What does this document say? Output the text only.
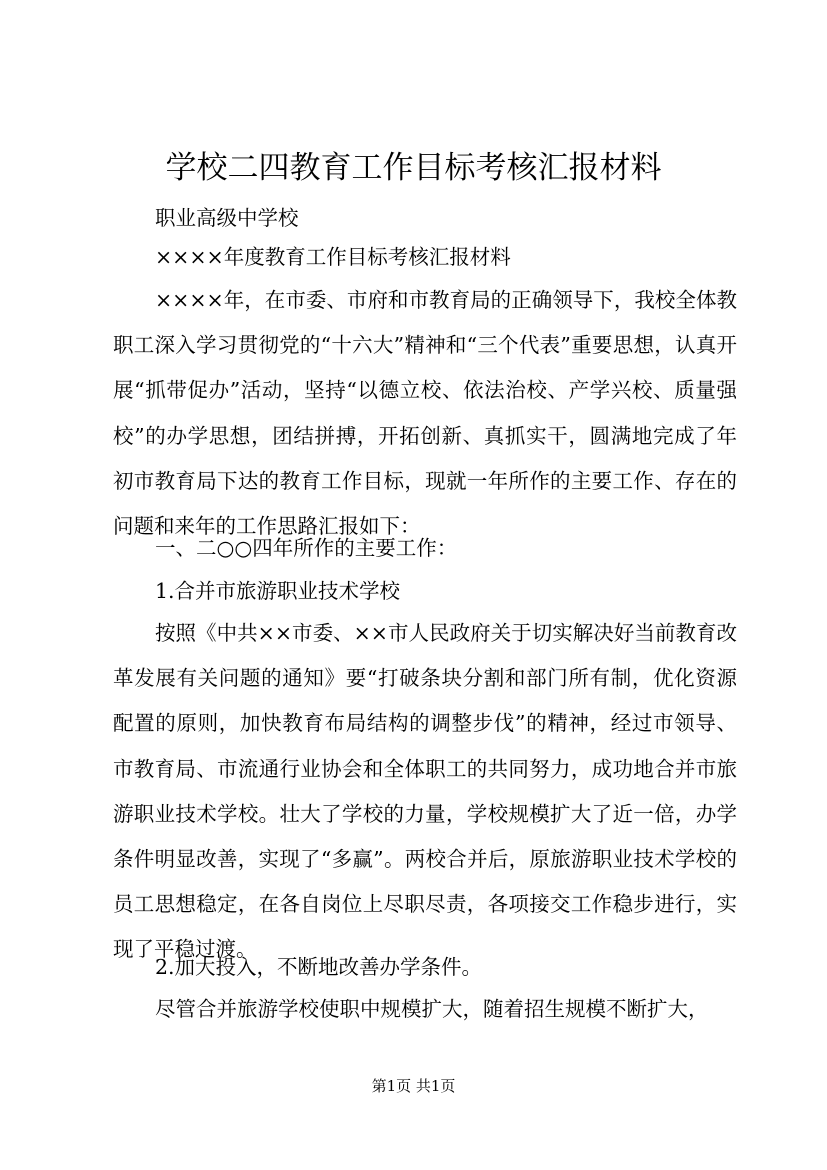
学校二四教育工作目标考核汇报材料

职业高级中学校

××××年度教育工作目标考核汇报材料

××××年，在市委、市府和市教育局的正确领导下，我校全体教职工深入学习贯彻党的“十六大”精神和“三个代表”重要思想，认真开展“抓带促办”活动，坚持“以德立校、依法治校、产学兴校、质量强校”的办学思想，团结拼搏，开拓创新、真抓实干，圆满地完成了年初市教育局下达的教育工作目标，现就一年所作的主要工作、存在的问题和来年的工作思路汇报如下：

一、二○○四年所作的主要工作：

1.合并市旅游职业技术学校

按照《中共××市委、××市人民政府关于切实解决好当前教育改革发展有关问题的通知》要“打破条块分割和部门所有制，优化资源配置的原则，加快教育布局结构的调整步伐”的精神，经过市领导、市教育局、市流通行业协会和全体职工的共同努力，成功地合并市旅游职业技术学校。壮大了学校的力量，学校规模扩大了近一倍，办学条件明显改善，实现了“多赢”。两校合并后，原旅游职业技术学校的员工思想稳定，在各自岗位上尽职尽责，各项接交工作稳步进行，实现了平稳过渡。

2.加大投入，不断地改善办学条件。

尽管合并旅游学校使职中规模扩大，随着招生规模不断扩大，

第1页 共1页
